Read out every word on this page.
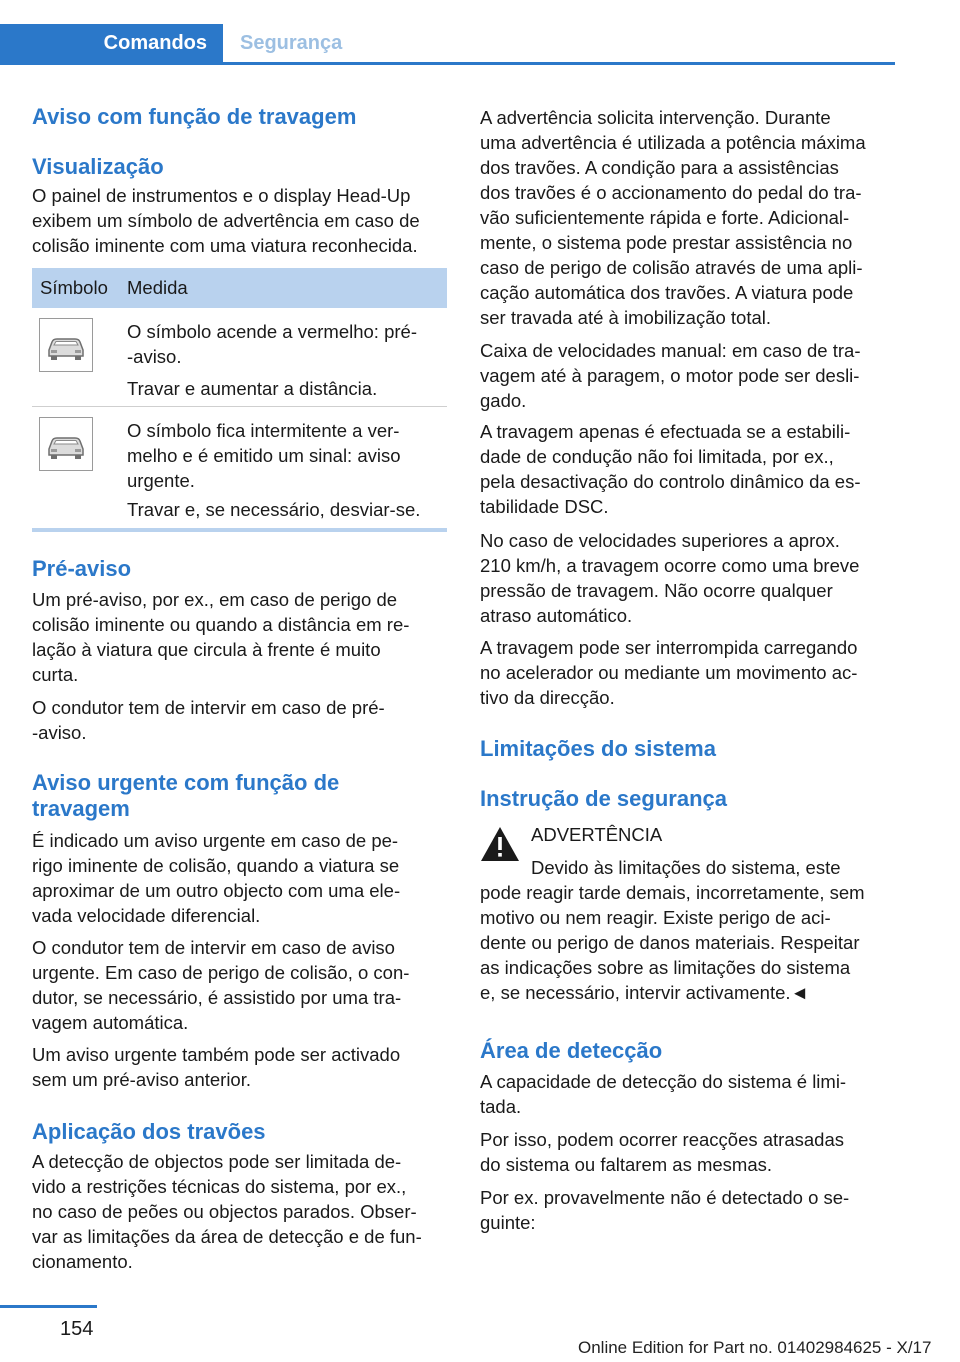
Comandos	Segurança
Aviso com função de travagem
Visualização
O painel de instrumentos e o display Head-Up
exibem um símbolo de advertência em caso de
colisão iminente com uma viatura reconhecida.
Símbolo Medida

O símbolo acende a vermelho: pré-
-aviso.

Travar e aumentar a distância.

O símbolo fica intermitente a ver-
melho e é emitido um sinal: aviso
urgente.

Travar e, se necessário, desviar-se.

Pré-aviso
Um pré-aviso, por ex., em caso de perigo de
colisão iminente ou quando a distância em re-
lação à viatura que circula à frente é muito
curta.
O condutor tem de intervir em caso de pré-
-aviso.
Aviso urgente com função de
travagem
É indicado um aviso urgente em caso de pe-
rigo iminente de colisão, quando a viatura se
aproximar de um outro objecto com uma ele-
vada velocidade diferencial.
O condutor tem de intervir em caso de aviso
urgente. Em caso de perigo de colisão, o con-
dutor, se necessário, é assistido por uma tra-
vagem automática.
Um aviso urgente também pode ser activado
sem um pré-aviso anterior.
Aplicação dos travões
A detecção de objectos pode ser limitada de-
vido a restrições técnicas do sistema, por ex.,
no caso de peões ou objectos parados. Obser-
var as limitações da área de detecção e de fun-
cionamento.
A advertência solicita intervenção. Durante
uma advertência é utilizada a potência máxima
dos travões. A condição para a assistências
dos travões é o accionamento do pedal do tra-
vão suficientemente rápida e forte. Adicional-
mente, o sistema pode prestar assistência no
caso de perigo de colisão através de uma apli-
cação automática dos travões. A viatura pode
ser travada até à imobilização total.
Caixa de velocidades manual: em caso de tra-
vagem até à paragem, o motor pode ser desli-
gado.
A travagem apenas é efectuada se a estabili-
dade de condução não foi limitada, por ex.,
pela desactivação do controlo dinâmico da es-
tabilidade DSC.
No caso de velocidades superiores a aprox.
210 km/h, a travagem ocorre como uma breve
pressão de travagem. Não ocorre qualquer
atraso automático.
A travagem pode ser interrompida carregando
no acelerador ou mediante um movimento ac-
tivo da direcção.
Limitações do sistema
Instrução de segurança
ADVERTÊNCIA
Devido às limitações do sistema, este
pode reagir tarde demais, incorretamente, sem
motivo ou nem reagir. Existe perigo de aci-
dente ou perigo de danos materiais. Respeitar
as indicações sobre as limitações do sistema
e, se necessário, intervir activamente.◄
Área de detecção
A capacidade de detecção do sistema é limi-
tada.
Por isso, podem ocorrer reacções atrasadas
do sistema ou faltarem as mesmas.
Por ex. provavelmente não é detectado o se-
guinte:
154
Online Edition for Part no. 01402984625 - X/17
